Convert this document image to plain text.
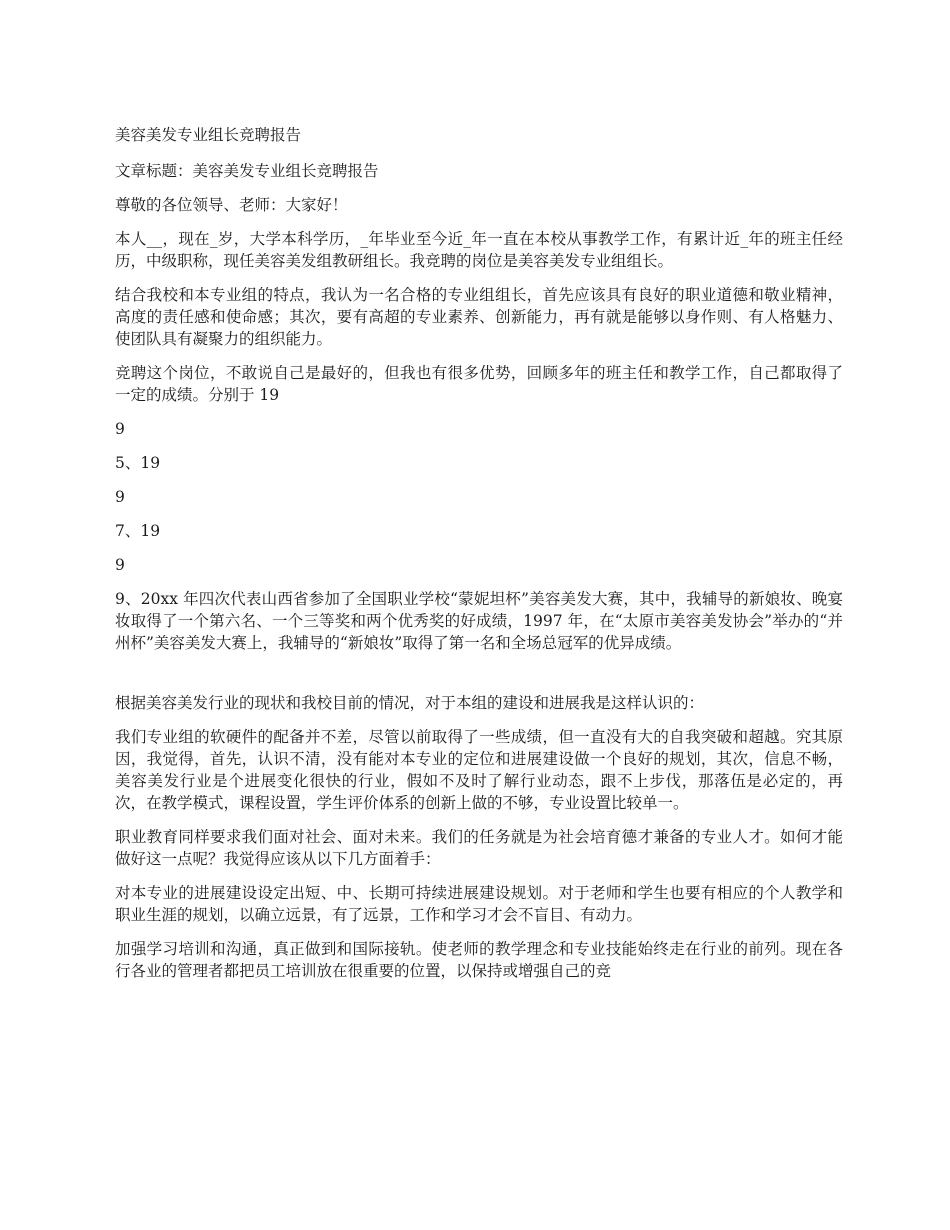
美容美发专业组长竞聘报告

文章标题：美容美发专业组长竞聘报告

尊敬的各位领导、老师：大家好！

本人__，现在_岁，大学本科学历，_年毕业至今近_年一直在本校从事教学工作，有累计近_年的班主任经历，中级职称，现任美容美发组教研组长。我竞聘的岗位是美容美发专业组组长。

结合我校和本专业组的特点，我认为一名合格的专业组组长，首先应该具有良好的职业道德和敬业精神，高度的责任感和使命感；其次，要有高超的专业素养、创新能力，再有就是能够以身作则、有人格魅力、使团队具有凝聚力的组织能力。

竞聘这个岗位，不敢说自己是最好的，但我也有很多优势，回顾多年的班主任和教学工作，自己都取得了一定的成绩。分别于 19

9

5、19

9

7、19

9

9、20xx 年四次代表山西省参加了全国职业学校“蒙妮坦杯”美容美发大赛，其中，我辅导的新娘妆、晚宴妆取得了一个第六名、一个三等奖和两个优秀奖的好成绩，1997 年，在“太原市美容美发协会”举办的“并州杯”美容美发大赛上，我辅导的“新娘妆”取得了第一名和全场总冠军的优异成绩。

根据美容美发行业的现状和我校目前的情况，对于本组的建设和进展我是这样认识的：

我们专业组的软硬件的配备并不差，尽管以前取得了一些成绩，但一直没有大的自我突破和超越。究其原因，我觉得，首先，认识不清，没有能对本专业的定位和进展建设做一个良好的规划，其次，信息不畅，美容美发行业是个进展变化很快的行业，假如不及时了解行业动态，跟不上步伐，那落伍是必定的，再次，在教学模式，课程设置，学生评价体系的创新上做的不够，专业设置比较单一。

职业教育同样要求我们面对社会、面对未来。我们的任务就是为社会培育德才兼备的专业人才。如何才能做好这一点呢？我觉得应该从以下几方面着手：

对本专业的进展建设设定出短、中、长期可持续进展建设规划。对于老师和学生也要有相应的个人教学和职业生涯的规划，以确立远景，有了远景，工作和学习才会不盲目、有动力。

加强学习培训和沟通，真正做到和国际接轨。使老师的教学理念和专业技能始终走在行业的前列。现在各行各业的管理者都把员工培训放在很重要的位置，以保持或增强自己的竞
